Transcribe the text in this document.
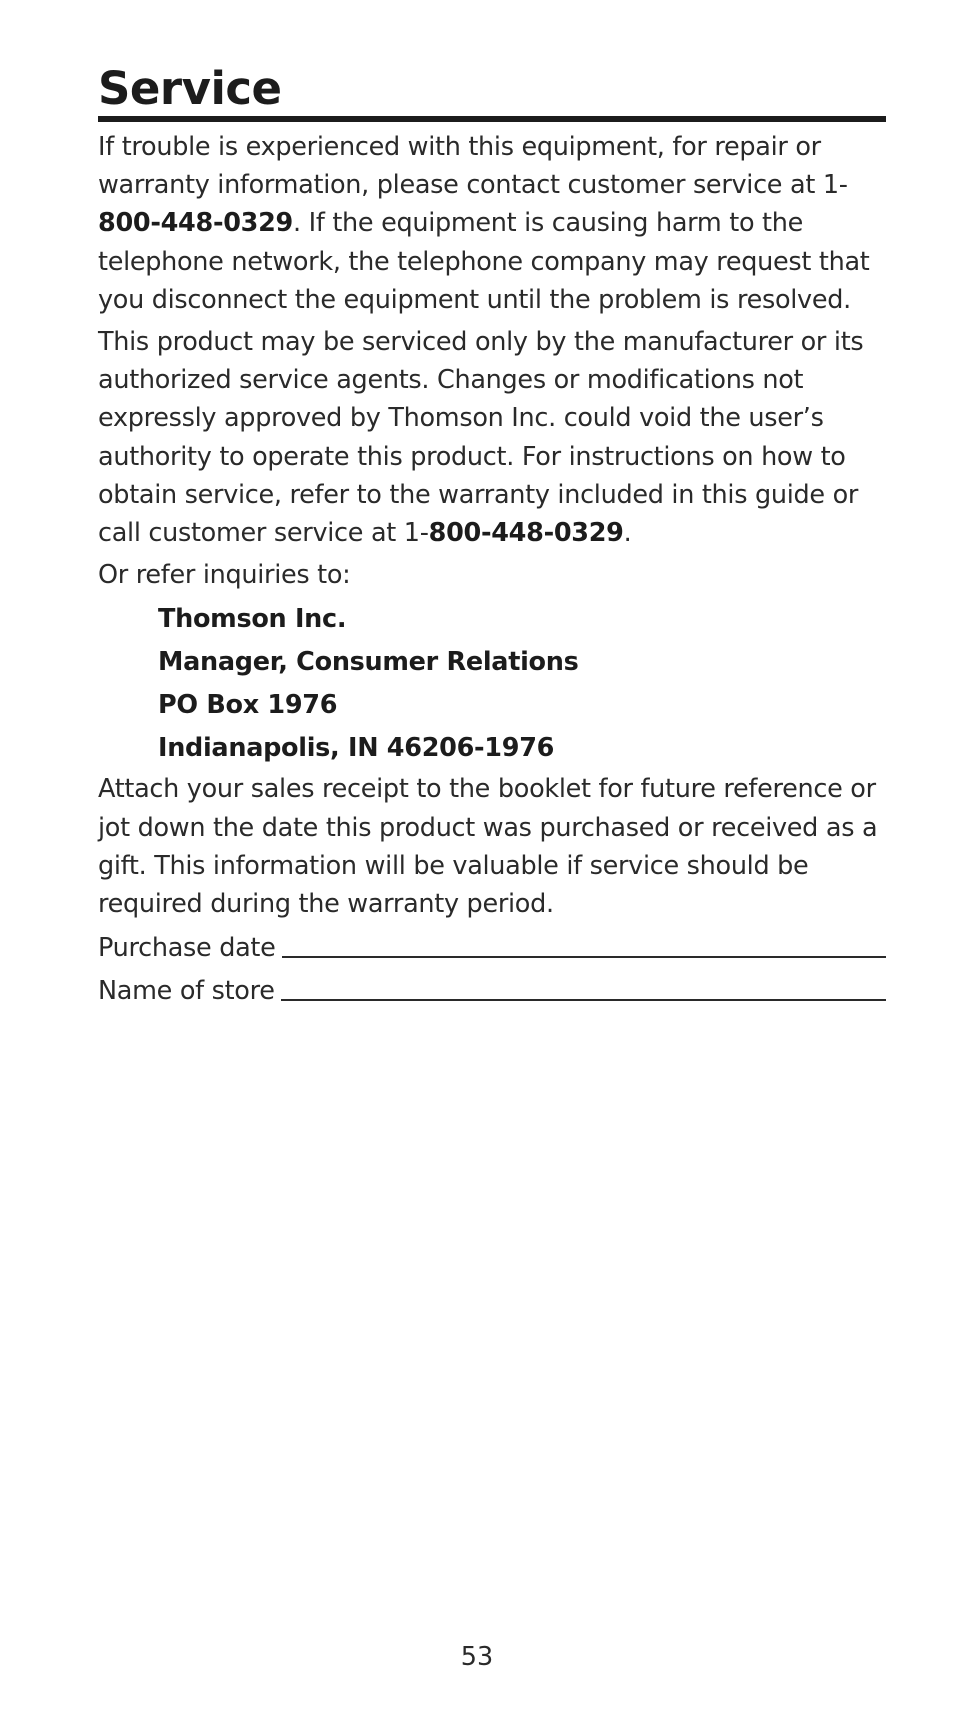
Service

If trouble is experienced with this equipment, for repair or warranty information, please contact customer service at 1-800-448-0329. If the equipment is causing harm to the telephone network, the telephone company may request that you disconnect the equipment until the problem is resolved.

This product may be serviced only by the manufacturer or its authorized service agents. Changes or modifications not expressly approved by Thomson Inc. could void the user’s authority to operate this product. For instructions on how to obtain service, refer to the warranty included in this guide or call customer service at 1-800-448-0329.

Or refer inquiries to:

Thomson Inc.

Manager, Consumer Relations

PO Box 1976

Indianapolis, IN 46206-1976

Attach your sales receipt to the booklet for future reference or jot down the date this product was purchased or received as a gift. This information will be valuable if service should be required during the warranty period.

Purchase date
Name of store
53
